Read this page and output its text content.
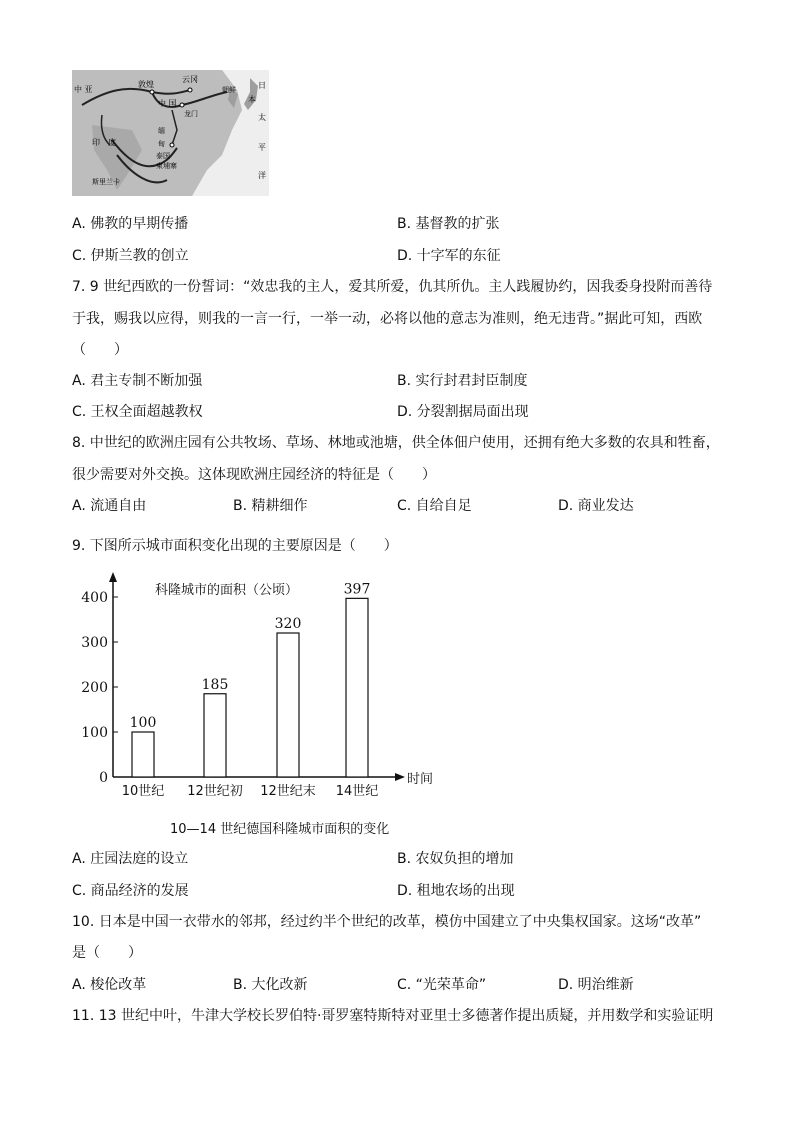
中 亚
敦煌
云冈
中 国
龙门
朝鲜	日
本
太
平
洋
印 度
缅
甸
泰国
柬埔寨
斯里兰卡
A. 佛教的早期传播	B. 基督教的扩张
C. 伊斯兰教的创立	D. 十字军的东征
7. 9 世纪西欧的一份誓词：“效忠我的主人，爱其所爱，仇其所仇。主人践履协约，因我委身投附而善待
于我，赐我以应得，则我的一言一行，一举一动，必将以他的意志为准则，绝无违背。”据此可知，西欧
（　　）
A. 君主专制不断加强	B. 实行封君封臣制度
C. 王权全面超越教权	D. 分裂割据局面出现
8. 中世纪的欧洲庄园有公共牧场、草场、林地或池塘，供全体佃户使用，还拥有绝大多数的农具和牲畜，
很少需要对外交换。这体现欧洲庄园经济的特征是（　　）
A. 流通自由	B. 精耕细作	C. 自给自足	D. 商业发达
9. 下图所示城市面积变化出现的主要原因是（　　）
0
100
200
300
400
100
10世纪
185
12世纪初
320
12世纪末
397
14世纪
科隆城市的面积（公顷）
时间
10—14 世纪德国科隆城市面积的变化
A. 庄园法庭的设立	B. 农奴负担的增加
C. 商品经济的发展	D. 租地农场的出现
10. 日本是中国一衣带水的邻邦，经过约半个世纪的改革，模仿中国建立了中央集权国家。这场“改革”
是（　　）
A. 梭伦改革	B. 大化改新	C. “光荣革命”	D. 明治维新
11. 13 世纪中叶，牛津大学校长罗伯特·哥罗塞特斯特对亚里士多德著作提出质疑，并用数学和实验证明
